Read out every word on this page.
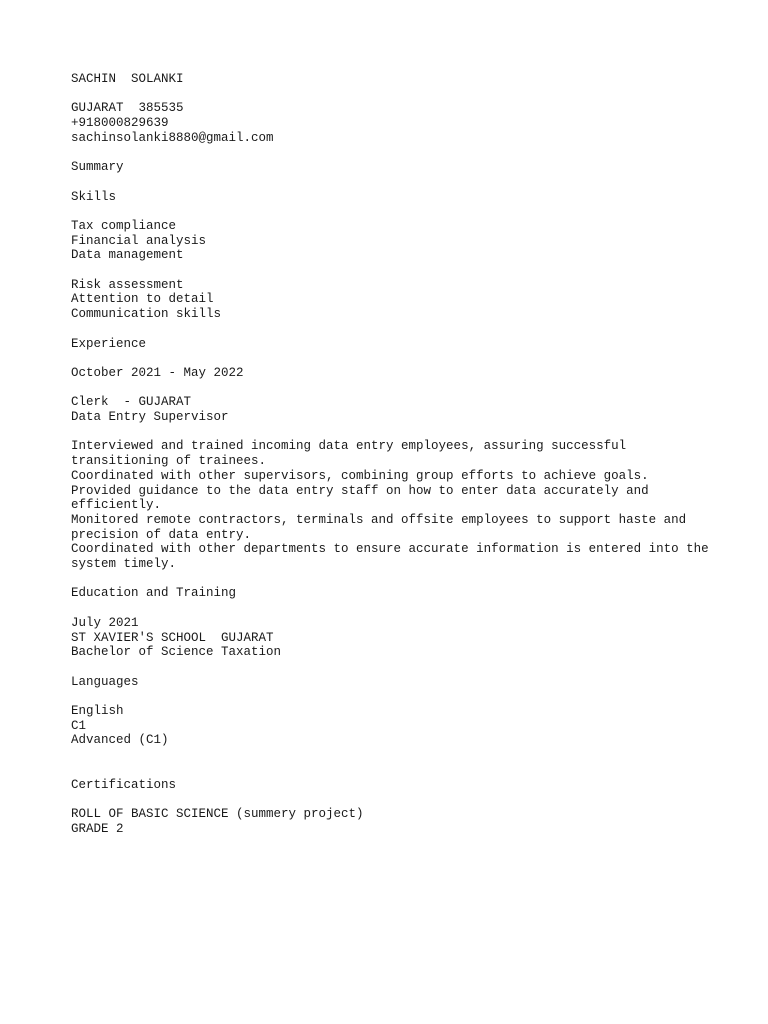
SACHIN  SOLANKI
GUJARAT  385535
+918000829639
sachinsolanki8880@gmail.com
Summary
Skills
Tax compliance
Financial analysis
Data management
Risk assessment
Attention to detail
Communication skills
Experience
October 2021 - May 2022
Clerk  - GUJARAT
Data Entry Supervisor
Interviewed and trained incoming data entry employees, assuring successful transitioning of trainees.
Coordinated with other supervisors, combining group efforts to achieve goals.
Provided guidance to the data entry staff on how to enter data accurately and efficiently.
Monitored remote contractors, terminals and offsite employees to support haste and precision of data entry.
Coordinated with other departments to ensure accurate information is entered into the system timely.
Education and Training
July 2021
ST XAVIER'S SCHOOL  GUJARAT
Bachelor of Science Taxation
Languages
English
C1
Advanced (C1)
Certifications
ROLL OF BASIC SCIENCE (summery project)
GRADE 2
